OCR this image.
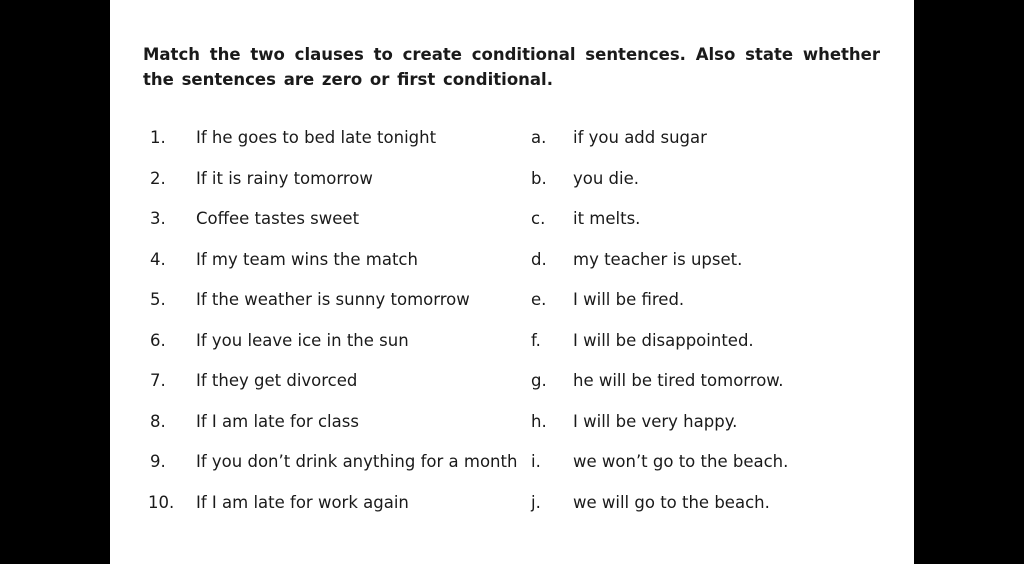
Match the two clauses to create conditional sentences. Also state whether the sentences are zero or first conditional.

1. If he goes to bed late tonight	a. if you add sugar
2. If it is rainy tomorrow	b. you die.
3. Coffee tastes sweet	c. it melts.
4. If my team wins the match	d. my teacher is upset.
5. If the weather is sunny tomorrow	e. I will be fired.
6. If you leave ice in the sun	f. I will be disappointed.
7. If they get divorced	g. he will be tired tomorrow.
8. If I am late for class	h. I will be very happy.
9. If you don’t drink anything for a month i. we won’t go to the beach.
10. If I am late for work again	j. we will go to the beach.
